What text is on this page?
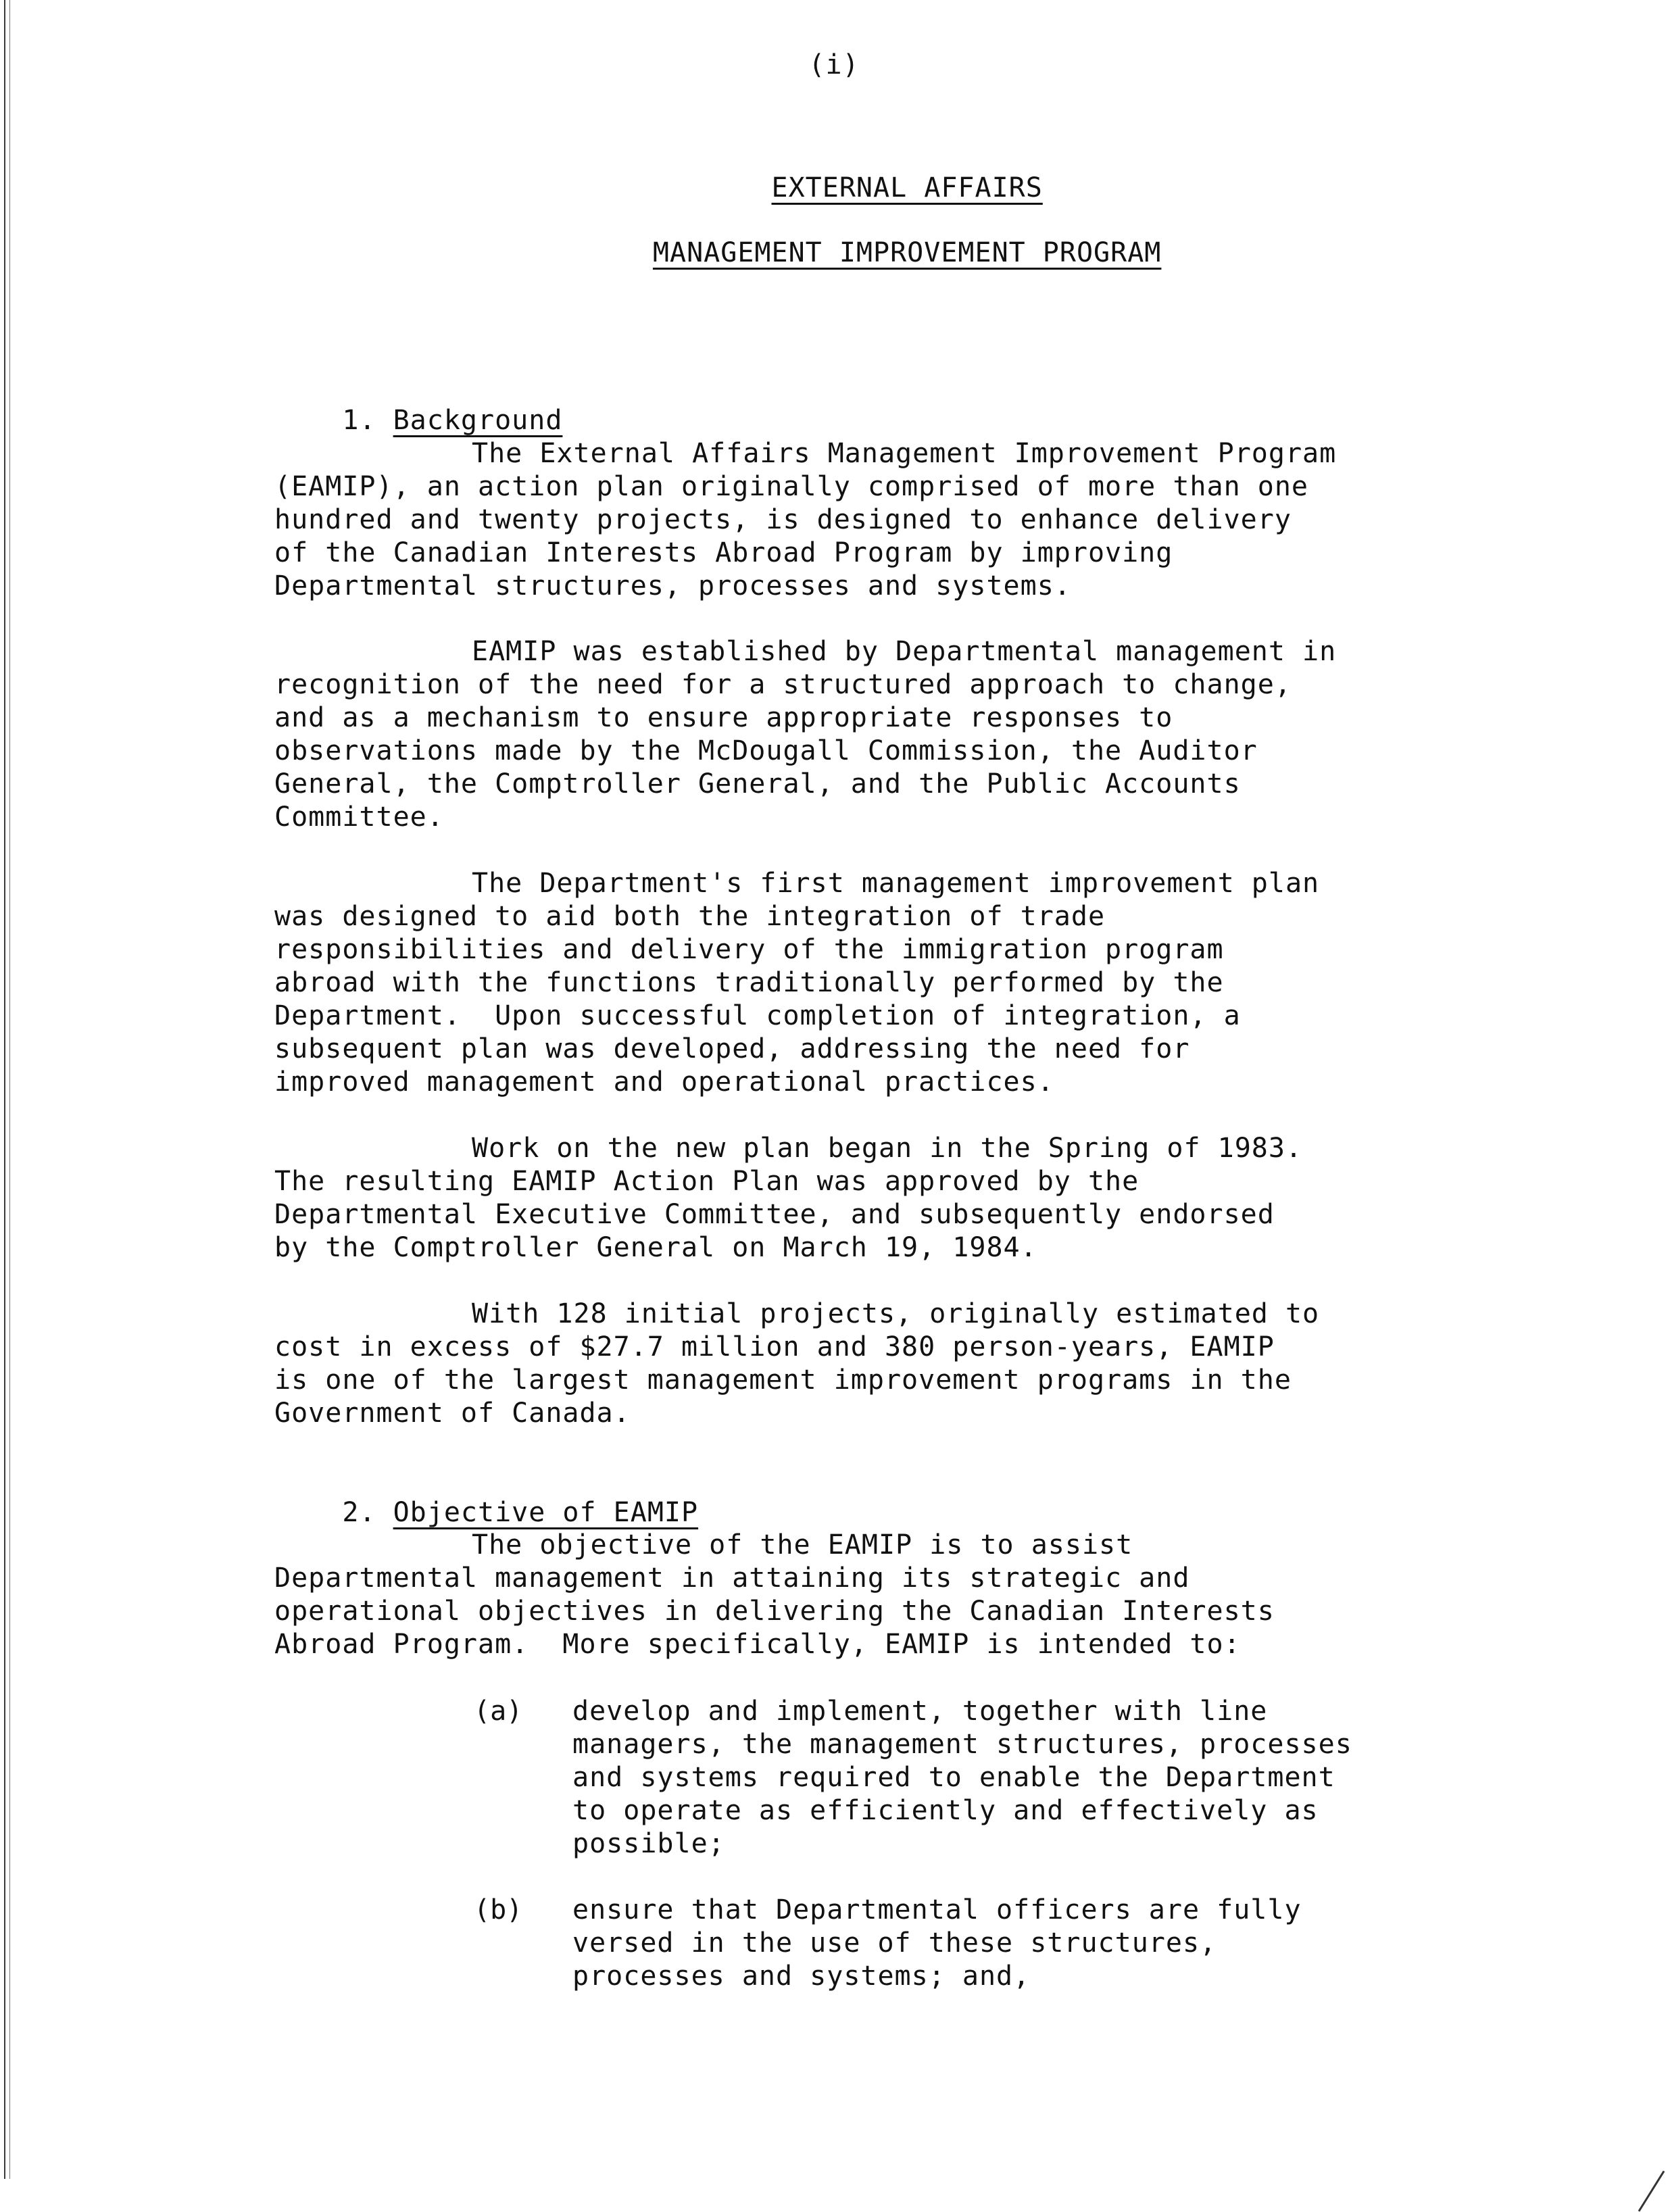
(i)

EXTERNAL AFFAIRS

MANAGEMENT IMPROVEMENT PROGRAM

1. Background

The External Affairs Management Improvement Program
(EAMIP), an action plan originally comprised of more than one
hundred and twenty projects, is designed to enhance delivery
of the Canadian Interests Abroad Program by improving
Departmental structures, processes and systems.
EAMIP was established by Departmental management in
recognition of the need for a structured approach to change,
and as a mechanism to ensure appropriate responses to
observations made by the McDougall Commission, the Auditor
General, the Comptroller General, and the Public Accounts
Committee.
The Department's first management improvement plan
was designed to aid both the integration of trade
responsibilities and delivery of the immigration program
abroad with the functions traditionally performed by the
Department.  Upon successful completion of integration, a
subsequent plan was developed, addressing the need for
improved management and operational practices.
Work on the new plan began in the Spring of 1983.
The resulting EAMIP Action Plan was approved by the
Departmental Executive Committee, and subsequently endorsed
by the Comptroller General on March 19, 1984.
With 128 initial projects, originally estimated to
cost in excess of $27.7 million and 380 person-years, EAMIP
is one of the largest management improvement programs in the
Government of Canada.

2. Objective of EAMIP

The objective of the EAMIP is to assist
Departmental management in attaining its strategic and
operational objectives in delivering the Canadian Interests
Abroad Program.  More specifically, EAMIP is intended to:
(a) develop and implement, together with line
managers, the management structures, processes
and systems required to enable the Department
to operate as efficiently and effectively as
possible;
(b) ensure that Departmental officers are fully
versed in the use of these structures,
processes and systems; and,
